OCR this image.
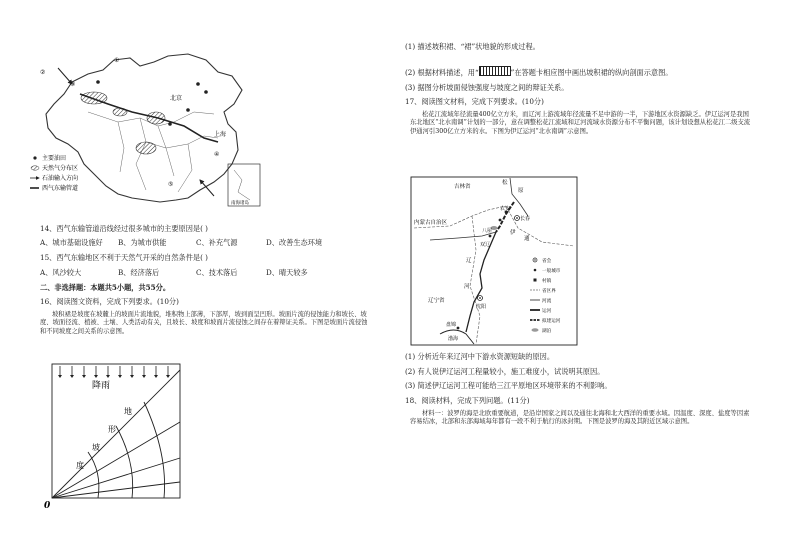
①
②
③
④
⑤
北京
上海
南海诸岛
主要油田
天然气分布区
石油输入方向
西气东输管道
14、西气东输管道沿线经过很多城市的主要原因是( )
A、城市基础设施好 B、为城市供能	C、补充气源	D、改善生态环境
15、西气东输地区不利于天然气开采的自然条件是( )
A、风沙较大	B、经济落后	C、技术落后	D、晴天较多
二、非选择题：本题共5小题，共55分。
16、阅读图文资料，完成下列要求。(10分)
坡积裙是坡度在坡麓上的坡面片流地貌，堆积物上部薄，下部厚，坡到面呈凹形。坡面片流的侵蚀能力和坡长、坡度、坡面径流、植被、土壤、人类活动有关，且坡长、坡度和坡面片流侵蚀之间存在着辩证关系。下图是坡面片流侵蚀和不同坡度之间关系的示意图。
降雨
地
形
坡
度
0
(1) 描述坡积裙、“裙”状地貌的形成过程。
(2) 根据材料描述，用“	”在答题卡相应图中画出坡积裙的纵向剖面示意图。
(3) 据图分析坡面侵蚀强度与坡度之间的辩证关系。
17、阅读图文材料，完成下列要求。(10分)
松花江流域年径流量400亿立方米，而辽河上游流域年径流量不足中游的一半，下游地区水资源缺乏。伊辽运河是我国东北地区“北水南调”计划的一部分，意在调整松花江流域和辽河流域水资源分布不平衡问题，该计划设想从松花江二级支流伊通河引300亿立方米的水。下图为伊辽运河“北水南调”示意图。
吉林省
松
原
农安
长春
内蒙古自治区
八屋
双辽
辽
河
沈阳
盘锦
渤海
辽宁省
伊
通
省会
一般城市
村镇
省区界
河流
运河
拟建运河
湖泊
(1) 分析近年来辽河中下游水资源短缺的原因。
(2) 有人说伊辽运河工程量较小，施工难度小，试说明其原因。
(3) 简述伊辽运河工程可能给三江平原地区环境带来的不利影响。
18、阅读材料，完成下列问题。(11分)
材料一：波罗的海是北欧重要航道，是沿岸国家之间以及通往北海和北大西洋的重要水域。因温度、深度、盐度等因素容易结冰，北部和东部海域每年都有一段不利于航行的冰封期。下图是波罗的海及其附近区域示意图。
